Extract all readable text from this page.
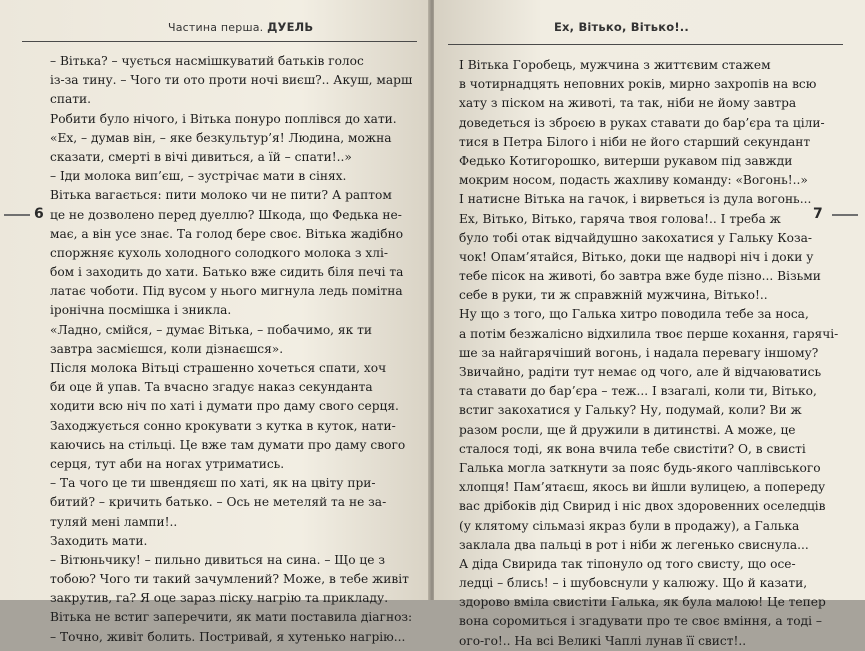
Частина перша. ДУЕЛЬ
6
– Вітька? – чується насмішкуватий батьків голос
із-за тину. – Чого ти ото проти ночі виєш?.. Акуш, марш
спати.
Робити було нічого, і Вітька понуро поплівся до хати.
«Ех, – думав він, – яке безкультур’я! Людина, можна
сказати, смерті в вічі дивиться, а їй – спати!..»
– Іди молока вип’єш, – зустрічає мати в сінях.
Вітька вагається: пити молоко чи не пити? А раптом
це не дозволено перед дуеллю? Шкода, що Федька не-
має, а він усе знає. Та голод бере своє. Вітька жадібно
споржняє кухоль холодного солодкого молока з хлі-
бом і заходить до хати. Батько вже сидить біля печі та
латає чоботи. Під вусом у нього мигнула ледь помітна
іронічна посмішка і зникла.
«Ладно, смійся, – думає Вітька, – побачимо, як ти
завтра засмієшся, коли дізнаєшся».
Після молока Вітьці страшенно хочеться спати, хоч
би оце й упав. Та вчасно згадує наказ секунданта
ходити всю ніч по хаті і думати про даму свого серця.
Заходжується сонно крокувати з кутка в куток, нати-
каючись на стільці. Це вже там думати про даму свого
серця, тут аби на ногах утриматись.
– Та чого це ти швендяєш по хаті, як на цвіту при-
битий? – кричить батько. – Ось не метеляй та не за-
туляй мені лампи!..
Заходить мати.
– Вітюньчику! – пильно дивиться на сина. – Що це з
тобою? Чого ти такий зачумлений? Може, в тебе живіт
закрутив, га? Я оце зараз піску нагрію та прикладу.
Вітька не встиг заперечити, як мати поставила діагноз:
– Точно, живіт болить. Постривай, я хутенько нагрію...
Ех, Вітько, Вітько!..
7
І Вітька Горобець, мужчина з життєвим стажем
в чотирнадцять неповних років, мирно захропів на всю
хату з піском на животі, та так, ніби не йому завтра
доведеться із зброєю в руках ставати до бар’єра та ціли-
тися в Петра Білого і ніби не його старший секундант
Федько Котигорошко, витерши рукавом під завжди
мокрим носом, подасть жахливу команду: «Вогонь!..»
І натисне Вітька на гачок, і вирветься із дула вогонь...
Ех, Вітько, Вітько, гаряча твоя голова!.. І треба ж
було тобі отак відчайдушно закохатися у Гальку Коза-
чок! Опам’ятайся, Вітько, доки ще надворі ніч і доки у
тебе пісок на животі, бо завтра вже буде пізно... Візьми
себе в руки, ти ж справжній мужчина, Вітько!..
Ну що з того, що Галька хитро поводила тебе за носа,
а потім безжалісно відхилила твоє перше кохання, гарячі-
ше за найгарячіший вогонь, і надала перевагу іншому?
Звичайно, радіти тут немає од чого, але й відчаюватись
та ставати до бар’єра – теж... І взагалі, коли ти, Вітько,
встиг закохатися у Гальку? Ну, подумай, коли? Ви ж
разом росли, ще й дружили в дитинстві. А може, це
сталося тоді, як вона вчила тебе свистіти? О, в свисті
Галька могла заткнути за пояс будь-якого чаплівського
хлопця! Пам’ятаєш, якось ви йшли вулицею, а попереду
вас дрібоків дід Свирид і ніс двох здоровенних оселедців
(у клятому сільмазі якраз були в продажу), а Галька
заклала два пальці в рот і ніби ж легенько свиснула...
А діда Свирида так тіпонуло од того свисту, що осе-
ледці – блись! – і шубовснули у калюжу. Що й казати,
здорово вміла свистіти Галька, як була малою! Це тепер
вона соромиться і згадувати про те своє вміння, а тоді –
ого-го!.. На всі Великі Чаплі лунав її свист!..
